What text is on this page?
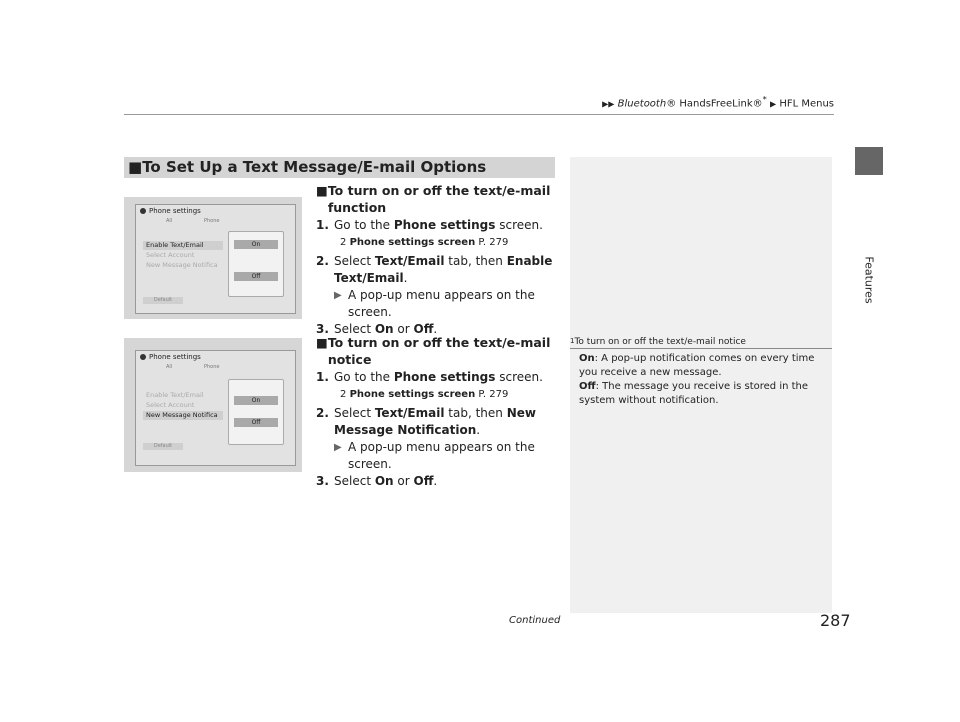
▶▶ Bluetooth® HandsFreeLink®* ▶ HFL Menus
Features
■To Set Up a Text Message/E-mail Options
Phone settings
All	Phone
Enable Text/Email
Select Account
New Message Notifica
On
Off
Default
Phone settings
All	Phone
Enable Text/Email
Select Account
New Message Notifica
On
Off
Default
■ To turn on or off the text/e-mail function
1. Go to the Phone settings screen.
2 Phone settings screen P. 279
2. Select Text/Email tab, then Enable Text/Email.
▶ A pop-up menu appears on the screen.
3. Select On or Off.
■ To turn on or off the text/e-mail notice
1. Go to the Phone settings screen.
2 Phone settings screen P. 279
2. Select Text/Email tab, then New Message Notification.
▶ A pop-up menu appears on the screen.
3. Select On or Off.
$^1$To turn on or off the text/e-mail notice
On: A pop-up notification comes on every time you receive a new message.
Off: The message you receive is stored in the system without notification.
Continued	287
